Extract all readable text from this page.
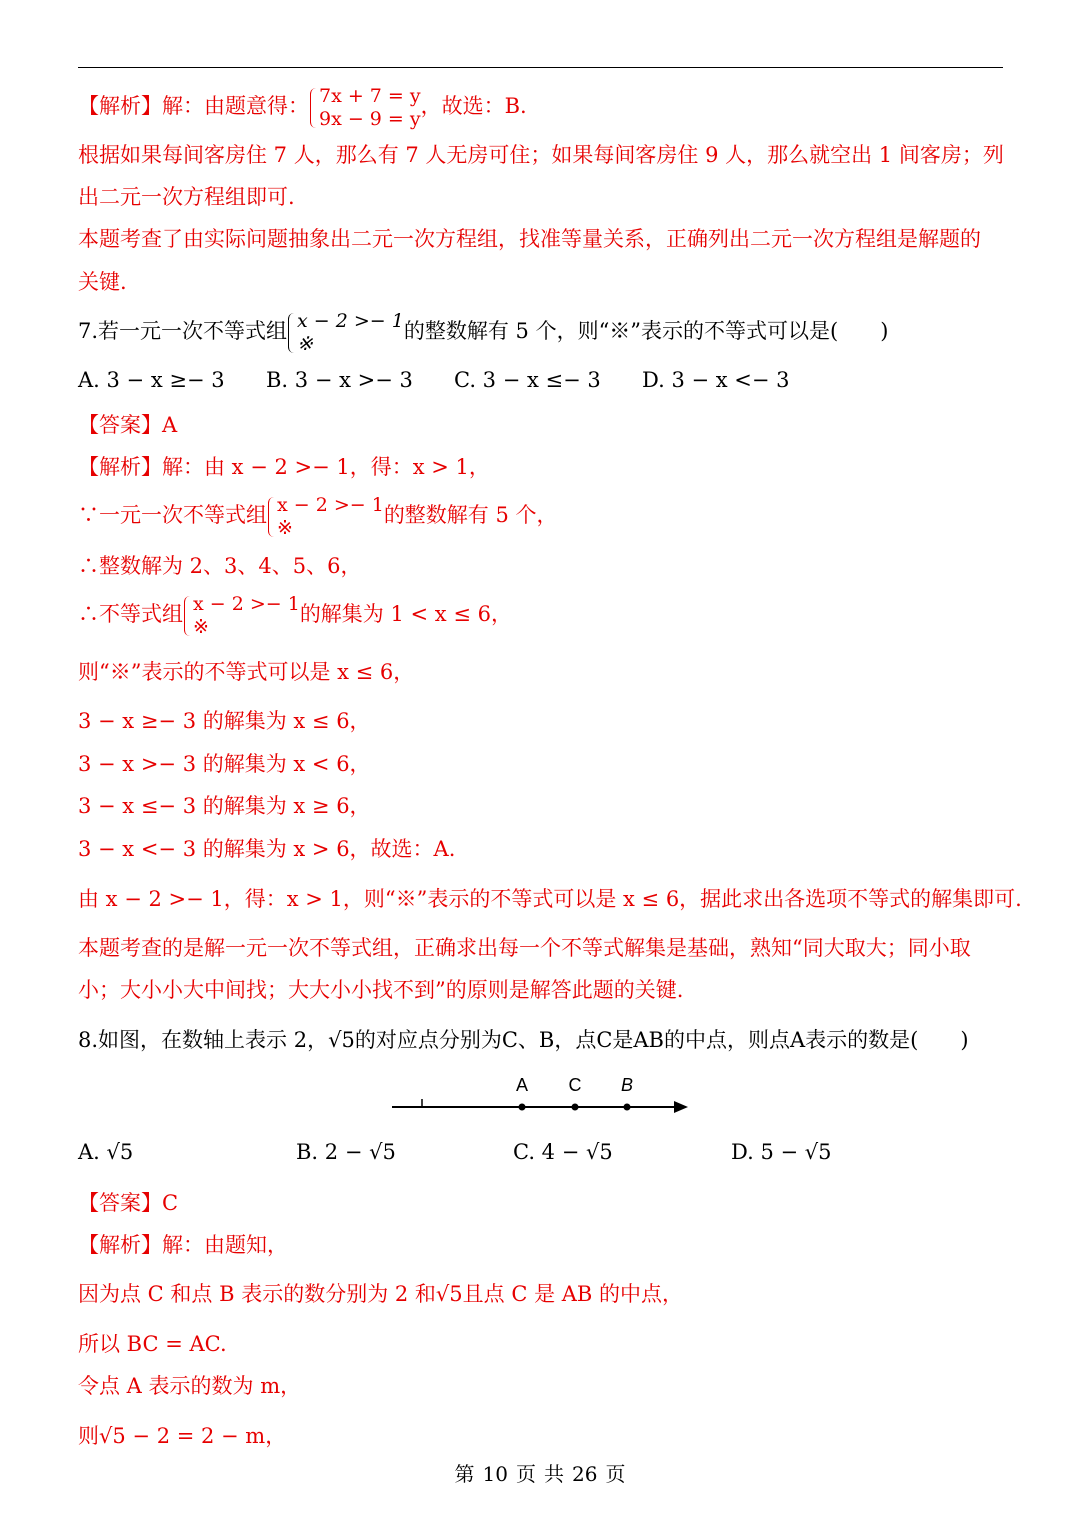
【解析】解：由题意得： 7x + 7 = y
9x − 9 = y
，故选：B.
根据如果每间客房住 7 人，那么有 7 人无房可住；如果每间客房住 9 人，那么就空出 1 间客房；列
出二元一次方程组即可.
本题考查了由实际问题抽象出二元一次方程组，找准等量关系，正确列出二元一次方程组是解题的
关键.
7.若一元一次不等式组 x − 2 >− 1
※
的整数解有 5 个，则“※”表示的不等式可以是(　　)
A. 3 − x ≥− 3 B. 3 − x >− 3 C. 3 − x ≤− 3 D. 3 − x <− 3
【答案】A
【解析】解：由 x − 2 >− 1，得：x > 1，
∵一元一次不等式组 x − 2 >− 1
※
的整数解有 5 个，
∴整数解为 2、3、4、5、6，
∴不等式组 x − 2 >− 1
※
的解集为 1 < x ≤ 6，
则“※”表示的不等式可以是 x ≤ 6，
3 − x ≥− 3 的解集为 x ≤ 6，
3 − x >− 3 的解集为 x < 6，
3 − x ≤− 3 的解集为 x ≥ 6，
3 − x <− 3 的解集为 x > 6，故选：A.
由 x − 2 >− 1，得：x > 1，则“※”表示的不等式可以是 x ≤ 6，据此求出各选项不等式的解集即可.
本题考查的是解一元一次不等式组，正确求出每一个不等式解集是基础，熟知“同大取大；同小取
小；大小小大中间找；大大小小找不到”的原则是解答此题的关键.
8.如图，在数轴上表示 2，√5的对应点分别为C、B，点C是AB的中点，则点A表示的数是(　　)
A C B
A. √5	B. 2 − √5	C. 4 − √5	D. 5 − √5
【答案】C
【解析】解：由题知，
因为点 C 和点 B 表示的数分别为 2 和√5且点 C 是 AB 的中点，
所以 BC = AC.
令点 A 表示的数为 m，
则√5 − 2 = 2 − m，
第 10 页 共 26 页
